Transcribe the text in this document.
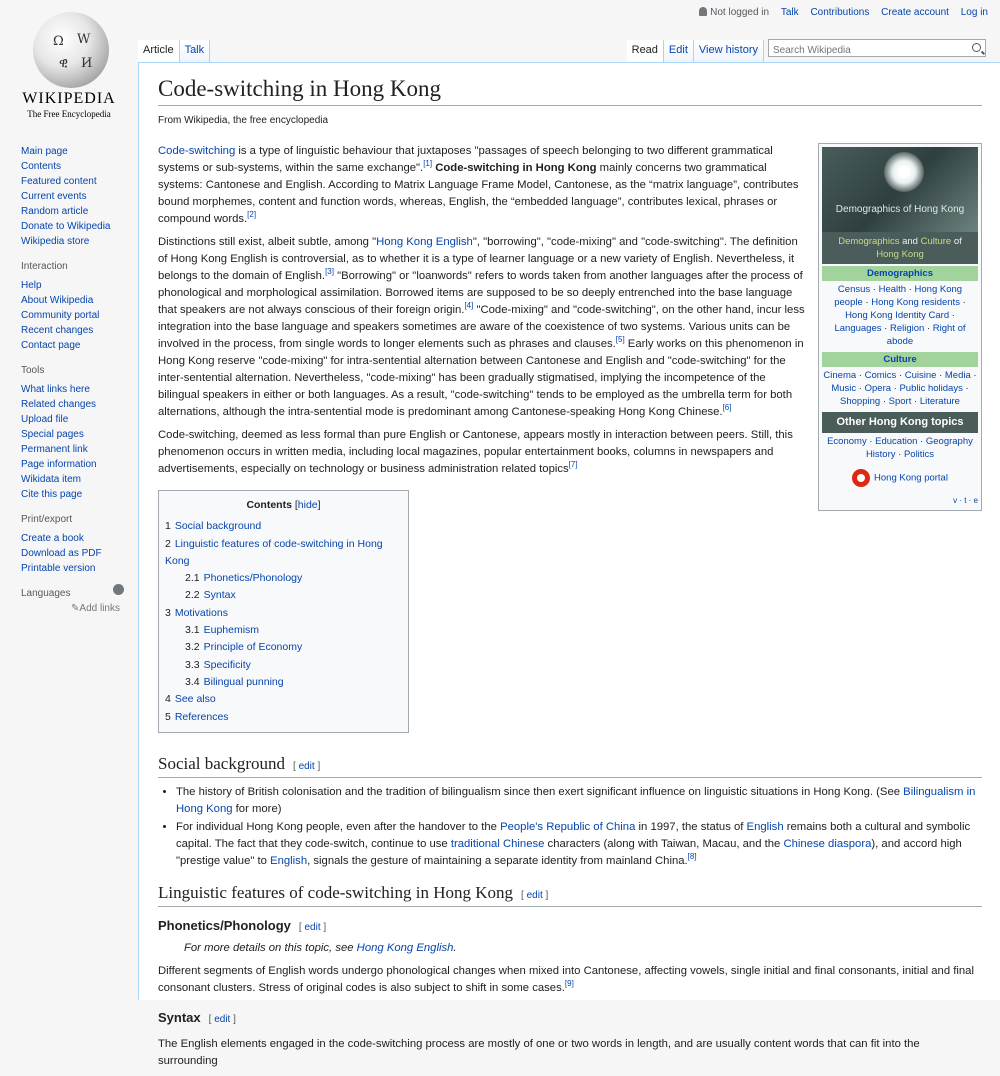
Not logged in Talk Contributions Create account Log in
Ω W
ዊ И
WIKIPEDIA
The Free Encyclopedia
Main page
Contents
Featured content
Current events
Random article
Donate to Wikipedia
Wikipedia store
Interaction
Help
About Wikipedia
Community portal
Recent changes
Contact page
Tools
What links here
Related changes
Upload file
Special pages
Permanent link
Page information
Wikidata item
Cite this page
Print/export
Create a book
Download as PDF
Printable version
Languages
✎Add links
Article	Talk	Read	Edit	View history
Search Wikipedia
Code-switching in Hong Kong
From Wikipedia, the free encyclopedia
Demographics of Hong Kong
Demographics and Culture of
Hong Kong
Demographics
Census · Health · Hong Kong people · Hong Kong residents · Hong Kong Identity Card · Languages · Religion · Right of abode
Culture
Cinema · Comics · Cuisine · Media · Music · Opera · Public holidays · Shopping · Sport · Literature
Other Hong Kong topics
Economy · Education · Geography
History · Politics
Hong Kong portal
v · t · e

Code-switching is a type of linguistic behaviour that juxtaposes "passages of speech belonging to two different grammatical systems or sub-systems, within the same exchange".[1] Code-switching in Hong Kong mainly concerns two grammatical systems: Cantonese and English. According to Matrix Language Frame Model, Cantonese, as the “matrix language”, contributes bound morphemes, content and function words, whereas, English, the “embedded language”, contributes lexical, phrases or compound words.[2]

Distinctions still exist, albeit subtle, among "Hong Kong English", "borrowing", "code-mixing" and "code-switching". The definition of Hong Kong English is controversial, as to whether it is a type of learner language or a new variety of English. Nevertheless, it belongs to the domain of English.[3] "Borrowing" or "loanwords" refers to words taken from another languages after the process of phonological and morphological assimilation. Borrowed items are supposed to be so deeply entrenched into the base language that speakers are not always conscious of their foreign origin.[4] "Code-mixing" and "code-switching", on the other hand, incur less integration into the base language and speakers sometimes are aware of the coexistence of two systems. Various units can be involved in the process, from single words to longer elements such as phrases and clauses.[5] Early works on this phenomenon in Hong Kong reserve "code-mixing" for intra-sentential alternation between Cantonese and English and "code-switching" for the inter-sentential alternation. Nevertheless, "code-mixing" has been gradually stigmatised, implying the incompetence of the bilingual speakers in either or both languages. As a result, "code-switching" tends to be employed as the umbrella term for both alternations, although the intra-sentential mode is predominant among Cantonese-speaking Hong Kong Chinese.[6]

Code-switching, deemed as less formal than pure English or Cantonese, appears mostly in interaction between peers. Still, this phenomenon occurs in written media, including local magazines, popular entertainment books, columns in newspapers and advertisements, especially on technology or business administration related topics[7]

Contents [hide]
1 Social background
2 Linguistic features of code-switching in Hong Kong
2.1 Phonetics/Phonology
2.2 Syntax
3 Motivations
3.1 Euphemism
3.2 Principle of Economy
3.3 Specificity
3.4 Bilingual punning
4 See also
5 References
Social background [ edit ]
• The history of British colonisation and the tradition of bilingualism since then exert significant influence on linguistic situations in Hong Kong. (See Bilingualism in Hong Kong for more)
• For individual Hong Kong people, even after the handover to the People's Republic of China in 1997, the status of English remains both a cultural and symbolic capital. The fact that they code-switch, continue to use traditional Chinese characters (along with Taiwan, Macau, and the Chinese diaspora), and accord high "prestige value" to English, signals the gesture of maintaining a separate identity from mainland China.[8]
Linguistic features of code-switching in Hong Kong [ edit ]
Phonetics/Phonology [ edit ]
For more details on this topic, see Hong Kong English.

Different segments of English words undergo phonological changes when mixed into Cantonese, affecting vowels, single initial and final consonants, initial and final consonant clusters. Stress of original codes is also subject to shift in some cases.[9]

Syntax [ edit ]

The English elements engaged in the code-switching process are mostly of one or two words in length, and are usually content words that can fit into the surrounding
